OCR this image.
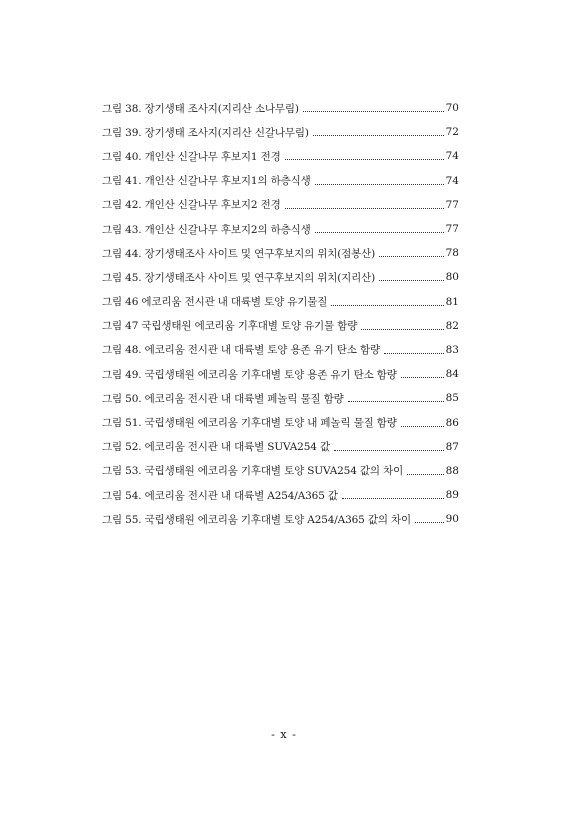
그림 38. 장기생태 조사지(지리산 소나무림)	70
그림 39. 장기생태 조사지(지리산 신갈나무림)	72
그림 40. 개인산 신갈나무 후보지1 전경	74
그림 41. 개인산 신갈나무 후보지1의 하층식생	74
그림 42. 개인산 신갈나무 후보지2 전경	77
그림 43. 개인산 신갈나무 후보지2의 하층식생	77
그림 44. 장기생태조사 사이트 및 연구후보지의 위치(점봉산)	78
그림 45. 장기생태조사 사이트 및 연구후보지의 위치(지리산)	80
그림 46 에코리움 전시관 내 대륙별 토양 유기물질	81
그림 47 국립생태원 에코리움 기후대별 토양 유기물 함량	82
그림 48. 에코리움 전시관 내 대륙별 토양 용존 유기 탄소 함량	83
그림 49. 국립생태원 에코리움 기후대별 토양 용존 유기 탄소 함량	84
그림 50. 에코리움 전시관 내 대륙별 페놀릭 물질 함량	85
그림 51. 국립생태원 에코리움 기후대별 토양 내 페놀릭 물질 함량	86
그림 52. 에코리움 전시관 내 대륙별 SUVA254 값	87
그림 53. 국립생태원 에코리움 기후대별 토양 SUVA254 값의 차이	88
그림 54. 에코리움 전시관 내 대륙별 A254/A365 값	89
그림 55. 국립생태원 에코리움 기후대별 토양 A254/A365 값의 차이	90
- x -
